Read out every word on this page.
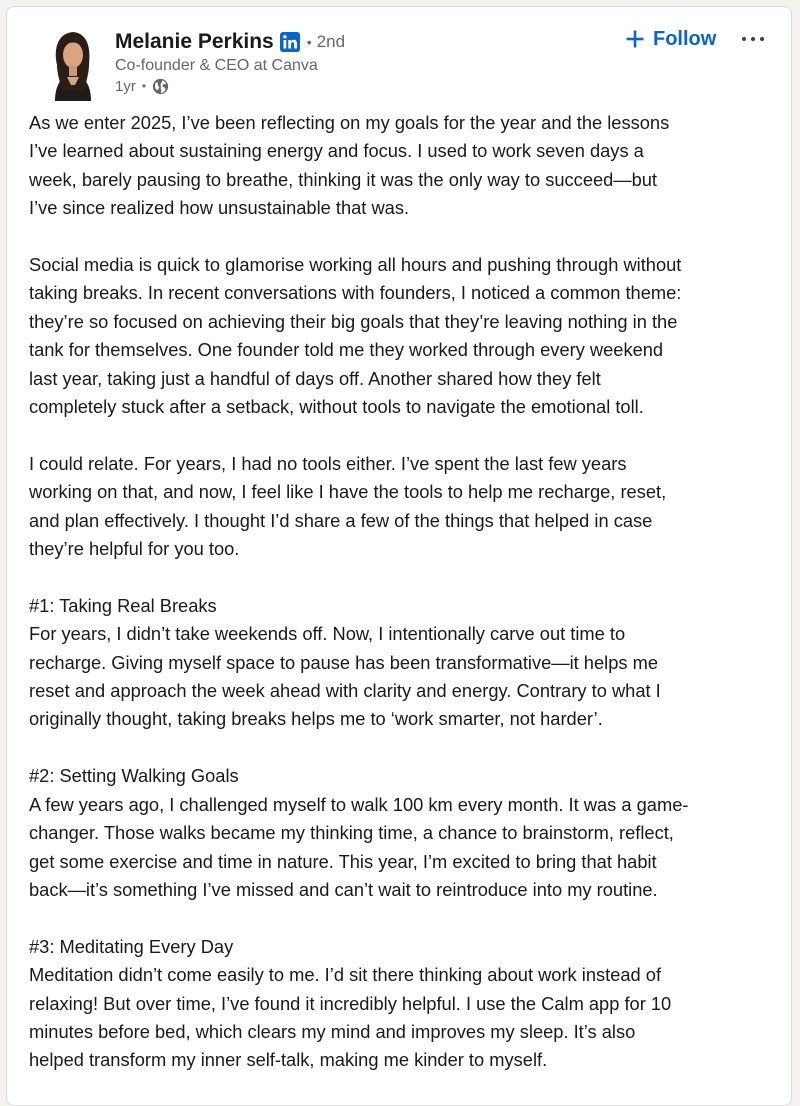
Melanie Perkins • 2nd
Co-founder & CEO at Canva
1yr •
Follow
As we enter 2025, I’ve been reflecting on my goals for the year and the lessons
I’ve learned about sustaining energy and focus. I used to work seven days a
week, barely pausing to breathe, thinking it was the only way to succeed—but
I’ve since realized how unsustainable that was.
Social media is quick to glamorise working all hours and pushing through without
taking breaks. In recent conversations with founders, I noticed a common theme:
they’re so focused on achieving their big goals that they’re leaving nothing in the
tank for themselves. One founder told me they worked through every weekend
last year, taking just a handful of days off. Another shared how they felt
completely stuck after a setback, without tools to navigate the emotional toll.
I could relate. For years, I had no tools either. I’ve spent the last few years
working on that, and now, I feel like I have the tools to help me recharge, reset,
and plan effectively. I thought I’d share a few of the things that helped in case
they’re helpful for you too.
#1: Taking Real Breaks
For years, I didn’t take weekends off. Now, I intentionally carve out time to
recharge. Giving myself space to pause has been transformative—it helps me
reset and approach the week ahead with clarity and energy. Contrary to what I
originally thought, taking breaks helps me to ‘work smarter, not harder’.
#2: Setting Walking Goals
A few years ago, I challenged myself to walk 100 km every month. It was a game-
changer. Those walks became my thinking time, a chance to brainstorm, reflect,
get some exercise and time in nature. This year, I’m excited to bring that habit
back—it’s something I’ve missed and can’t wait to reintroduce into my routine.
#3: Meditating Every Day
Meditation didn’t come easily to me. I’d sit there thinking about work instead of
relaxing! But over time, I’ve found it incredibly helpful. I use the Calm app for 10
minutes before bed, which clears my mind and improves my sleep. It’s also
helped transform my inner self-talk, making me kinder to myself.
